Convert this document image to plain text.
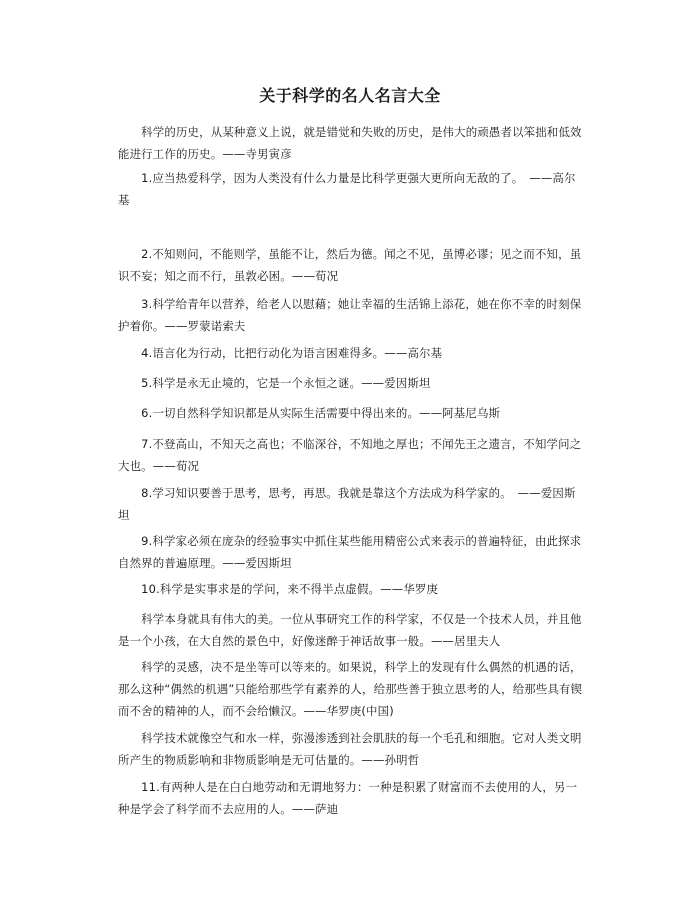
关于科学的名人名言大全

　　科学的历史，从某种意义上说，就是错觉和失败的历史，是伟大的顽愚者以笨拙和低效能进行工作的历史。——寺男寅彦

　　1.应当热爱科学，因为人类没有什么力量是比科学更强大更所向无敌的了。　——高尔基

　　2.不知则问，不能则学，虽能不让，然后为德。闻之不见，虽博必谬；见之而不知，虽识不妄；知之而不行，虽敦必困。——荀况

　　3.科学给青年以营养，给老人以慰藉；她让幸福的生活锦上添花，她在你不幸的时刻保护着你。——罗蒙诺索夫

　　4.语言化为行动，比把行动化为语言困难得多。——高尔基

　　5.科学是永无止境的，它是一个永恒之谜。——爱因斯坦

　　6.一切自然科学知识都是从实际生活需要中得出来的。——阿基尼乌斯

　　7.不登高山，不知天之高也；不临深谷，不知地之厚也；不闻先王之遗言，不知学问之大也。——荀况

　　8.学习知识要善于思考，思考，再思。我就是靠这个方法成为科学家的。　——爱因斯坦

　　9.科学家必须在庞杂的经验事实中抓住某些能用精密公式来表示的普遍特征，由此探求自然界的普遍原理。——爱因斯坦

　　10.科学是实事求是的学问，来不得半点虚假。——华罗庚

　　科学本身就具有伟大的美。一位从事研究工作的科学家，不仅是一个技术人员，并且他是一个小孩，在大自然的景色中，好像迷醉于神话故事一般。——居里夫人

　　科学的灵感，决不是坐等可以等来的。如果说，科学上的发现有什么偶然的机遇的话，那么这种“偶然的机遇”只能给那些学有素养的人，给那些善于独立思考的人，给那些具有锲而不舍的精神的人，而不会给懒汉。——华罗庚(中国)

　　科学技术就像空气和水一样，弥漫渗透到社会肌肤的每一个毛孔和细胞。它对人类文明所产生的物质影响和非物质影响是无可估量的。——孙明哲

　　11.有两种人是在白白地劳动和无谓地努力：一种是积累了财富而不去使用的人，另一种是学会了科学而不去应用的人。——萨迪
